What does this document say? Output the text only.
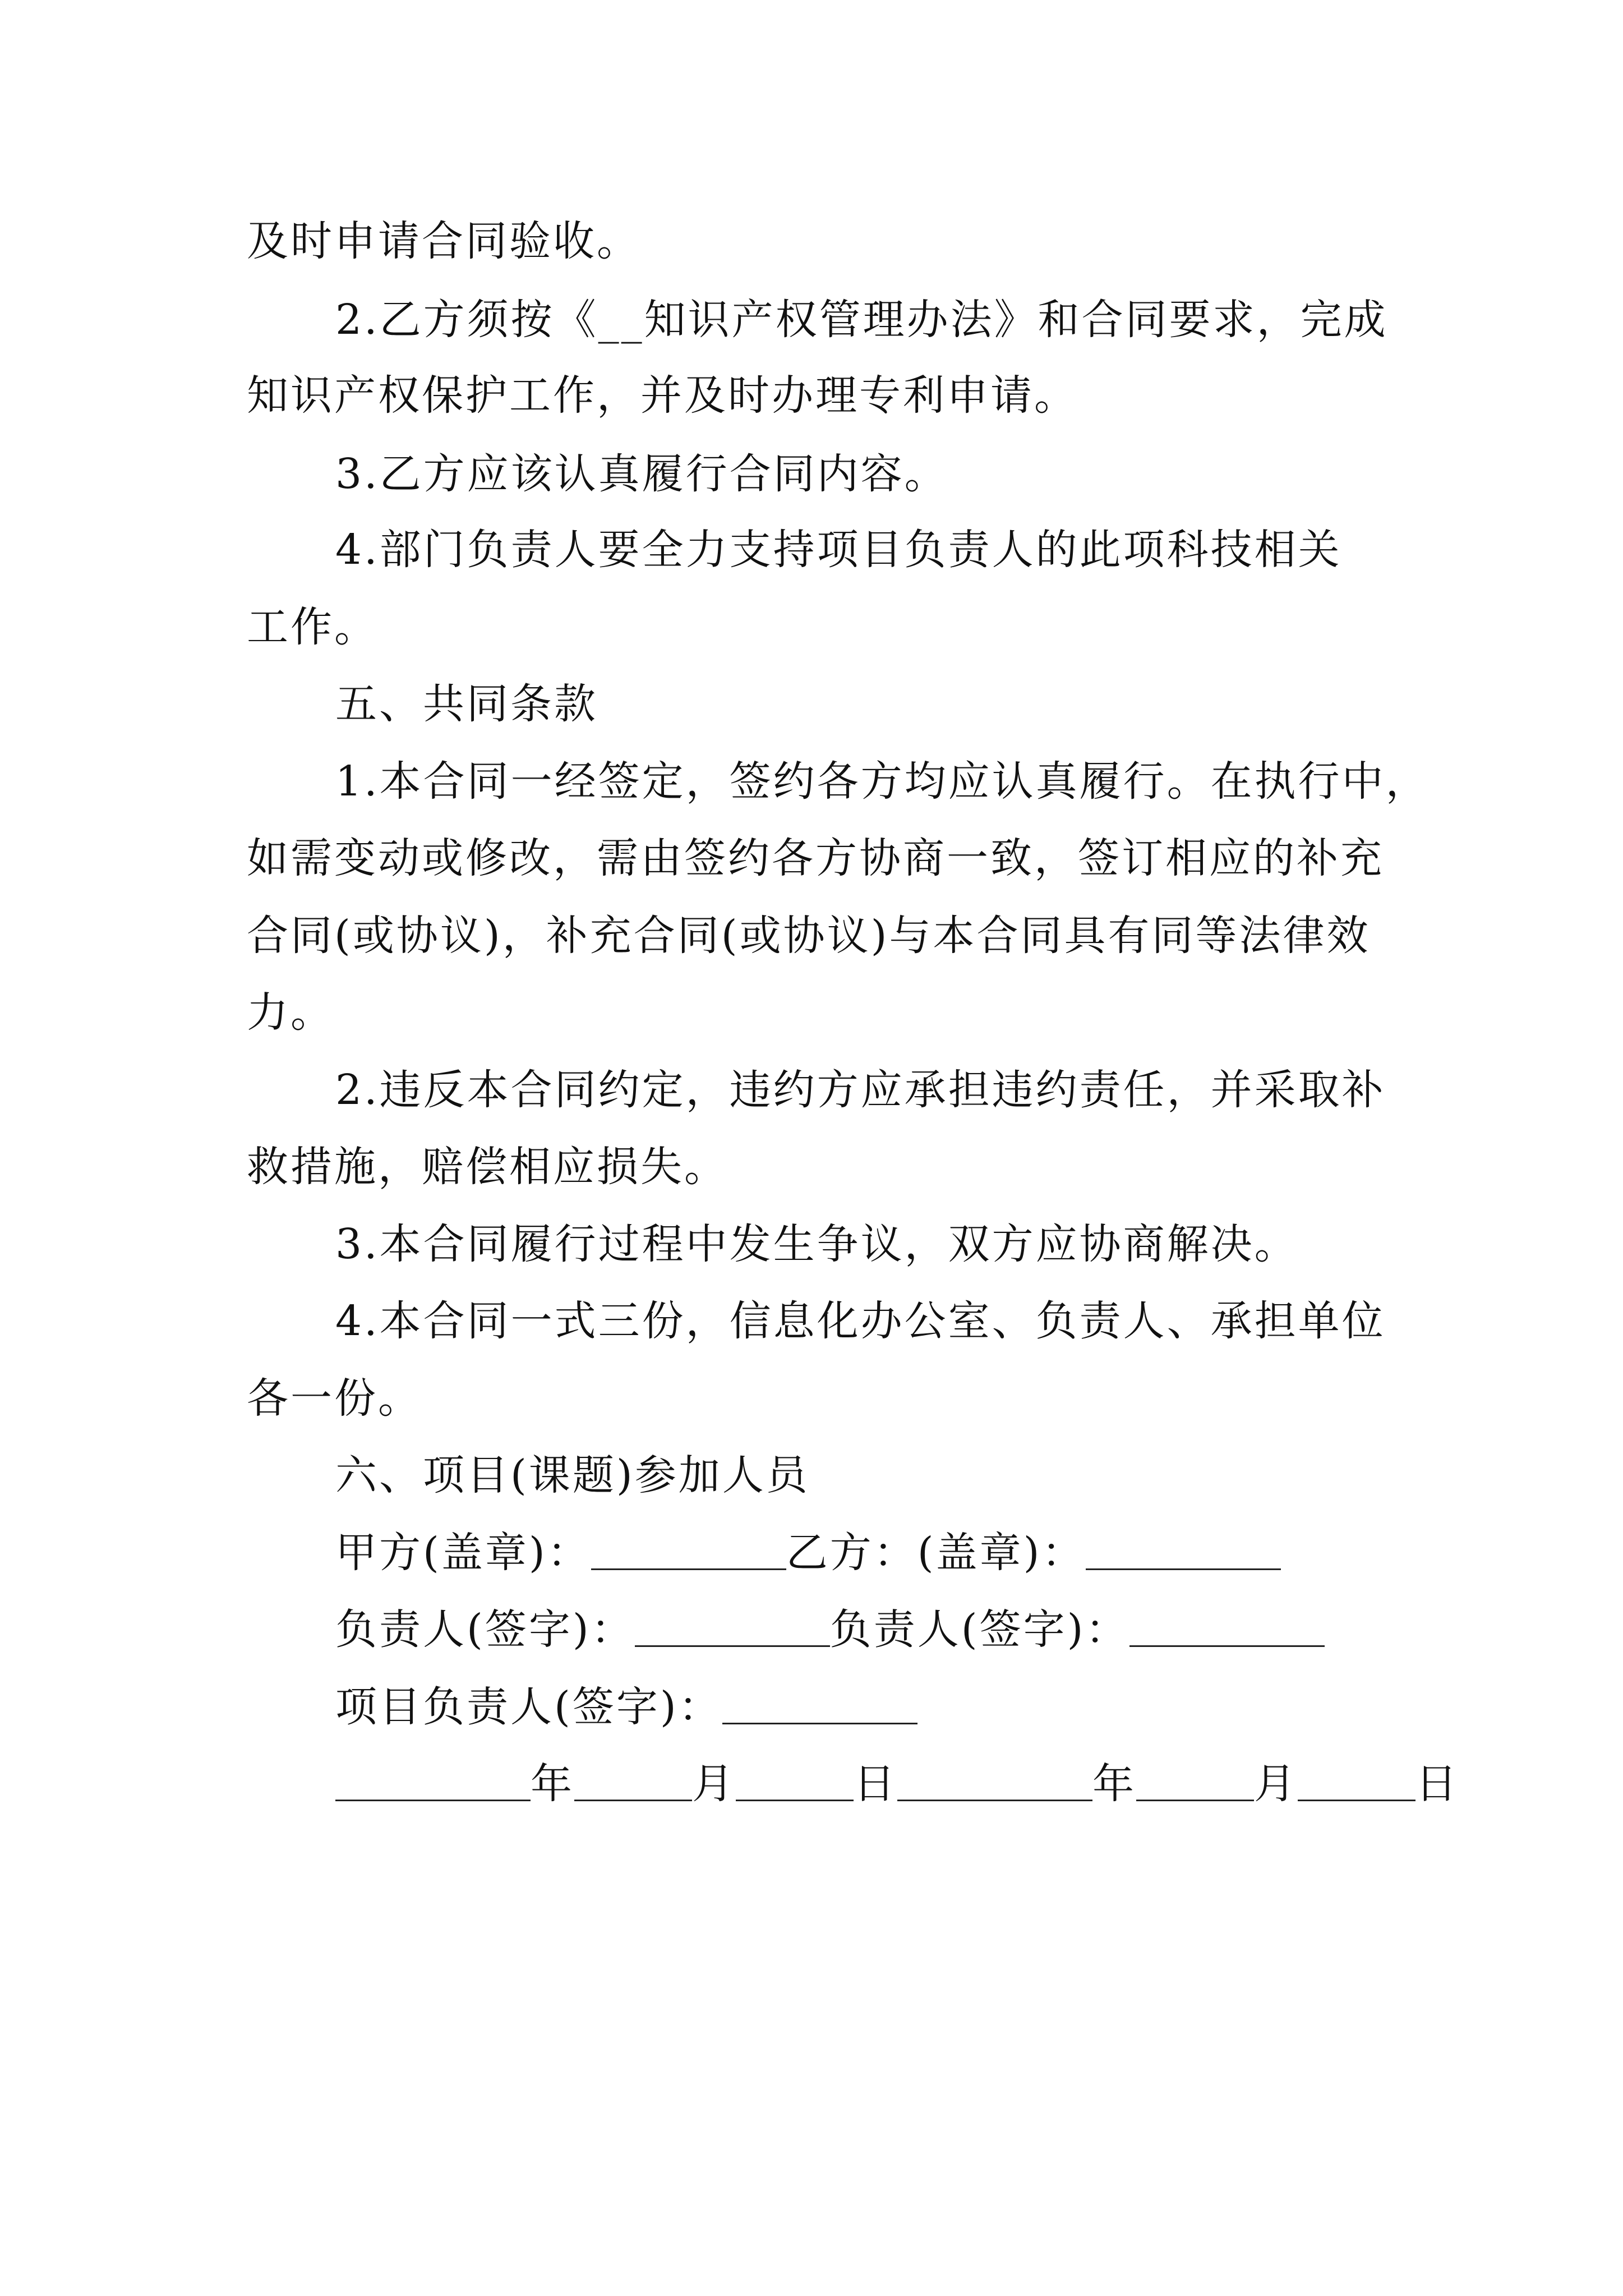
及时申请合同验收。
2.乙方须按《__知识产权管理办法》和合同要求，完成
知识产权保护工作，并及时办理专利申请。
3.乙方应该认真履行合同内容。
4.部门负责人要全力支持项目负责人的此项科技相关
工作。
五、共同条款
1.本合同一经签定，签约各方均应认真履行。在执行中，
如需变动或修改，需由签约各方协商一致，签订相应的补充
合同(或协议)，补充合同(或协议)与本合同具有同等法律效
力。
2.违反本合同约定，违约方应承担违约责任，并采取补
救措施，赔偿相应损失。
3.本合同履行过程中发生争议，双方应协商解决。
4.本合同一式三份，信息化办公室、负责人、承担单位
各一份。
六、项目(课题)参加人员
甲方(盖章)：	乙方：(盖章)：
负责人(签字)：	负责人(签字)：
项目负责人(签字)：
年	月	日	年	月	日
